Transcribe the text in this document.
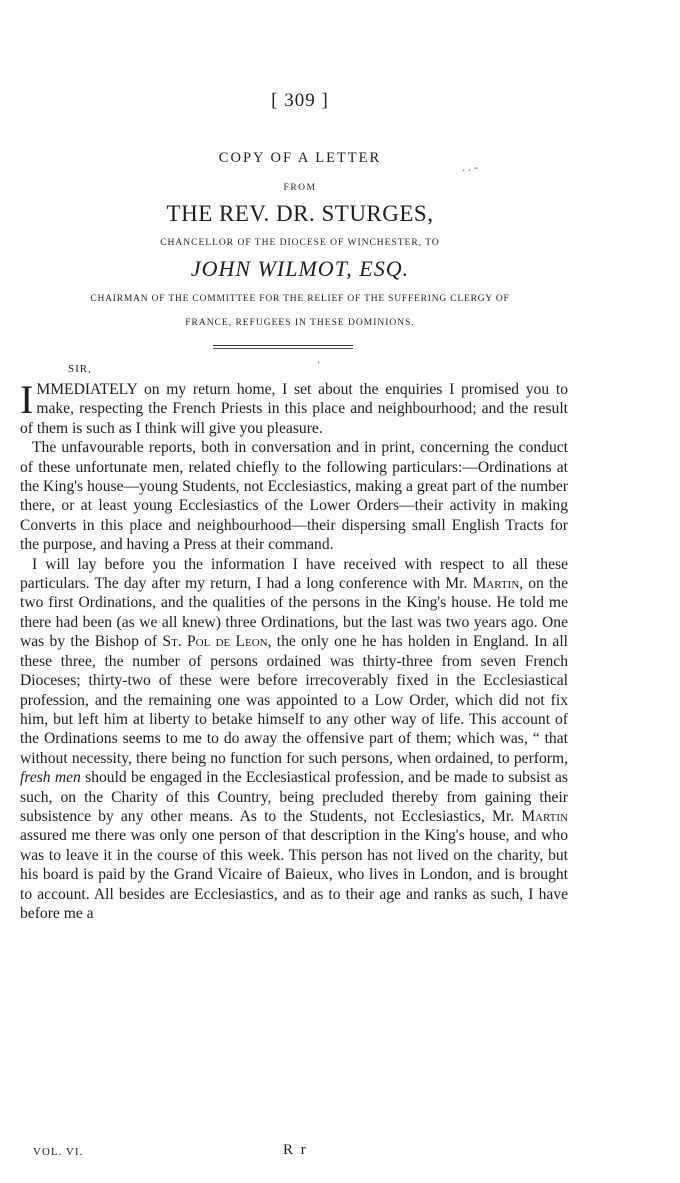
[ 309 ]
COPY OF A LETTER
FROM
THE REV. DR. STURGES,
CHANCELLOR OF THE DIOCESE OF WINCHESTER, TO
JOHN WILMOT, ESQ.
CHAIRMAN OF THE COMMITTEE FOR THE RELIEF OF THE SUFFERING CLERGY OF
FRANCE, REFUGEES IN THESE DOMINIONS.
'
. . ‐
SIR,

IMMEDIATELY on my return home, I set about the enquiries I promised you to make, respecting the French Priests in this place and neighbourhood; and the result of them is such as I think will give you pleasure.

The unfavourable reports, both in conversation and in print, concerning the conduct of these unfortunate men, related chiefly to the following particulars:—Ordinations at the King's house—young Students, not Ecclesiastics, making a great part of the number there, or at least young Ecclesiastics of the Lower Orders—their activity in making Converts in this place and neighbourhood—their dispersing small English Tracts for the purpose, and having a Press at their command.

I will lay before you the information I have received with respect to all these particulars. The day after my return, I had a long conference with Mr. Martin, on the two first Ordinations, and the qualities of the persons in the King's house. He told me there had been (as we all knew) three Ordinations, but the last was two years ago. One was by the Bishop of St. Pol de Leon, the only one he has holden in England. In all these three, the number of persons ordained was thirty-three from seven French Dioceses; thirty-two of these were before irrecoverably fixed in the Ecclesiastical profession, and the remaining one was appointed to a Low Order, which did not fix him, but left him at liberty to betake himself to any other way of life. This account of the Ordinations seems to me to do away the offensive part of them; which was, “ that without necessity, there being no function for such persons, when ordained, to perform, fresh men should be engaged in the Ecclesiastical profession, and be made to subsist as such, on the Charity of this Country, being precluded thereby from gaining their subsistence by any other means. As to the Students, not Ecclesiastics, Mr. Martin assured me there was only one person of that description in the King's house, and who was to leave it in the course of this week. This person has not lived on the charity, but his board is paid by the Grand Vicaire of Baieux, who lives in London, and is brought to account. All besides are Ecclesiastics, and as to their age and ranks as such, I have before me a

VOL. VI.	R r
